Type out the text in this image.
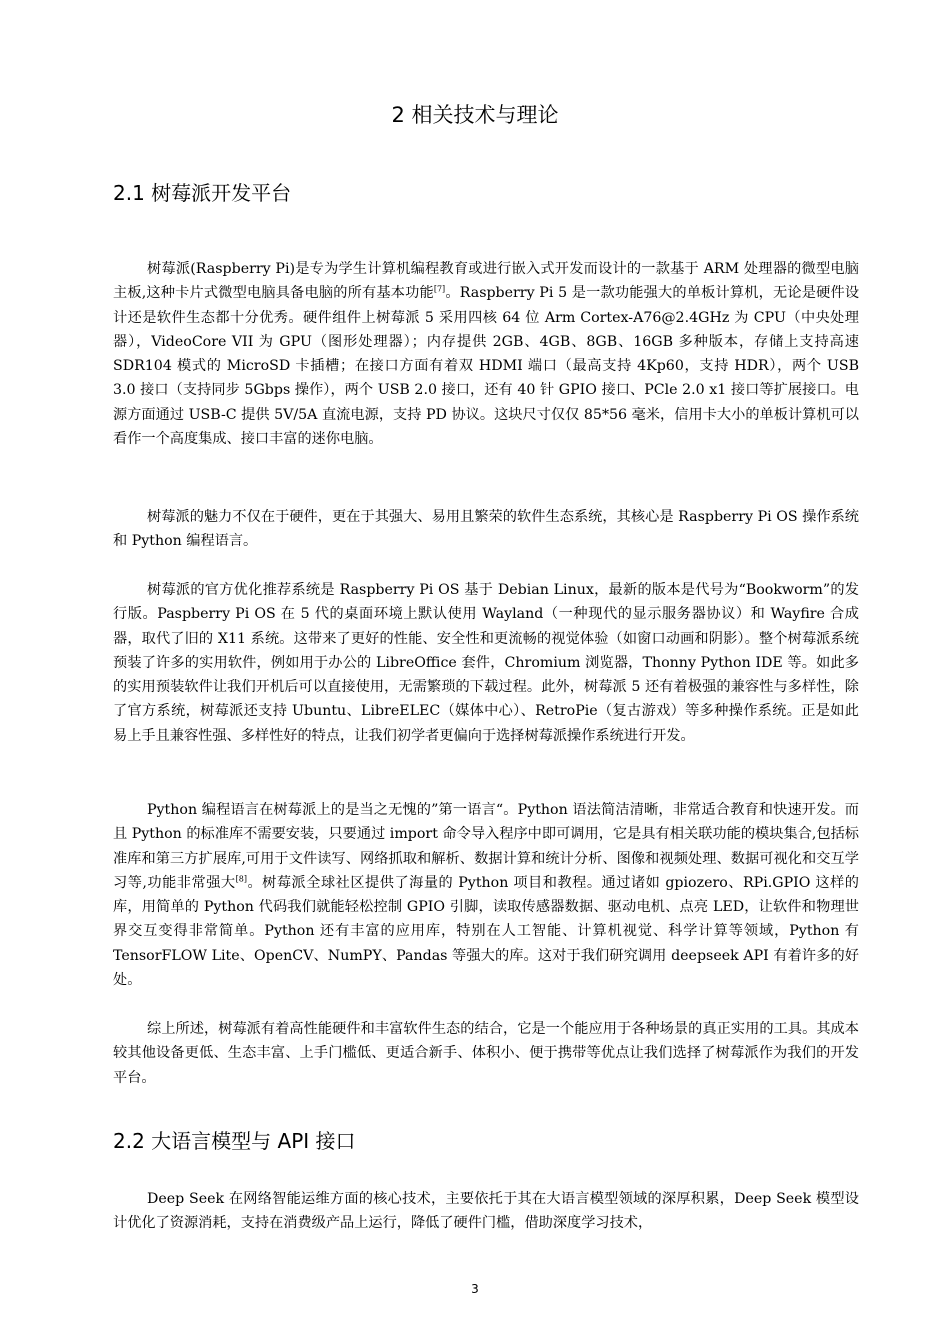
2 相关技术与理论
2.1 树莓派开发平台

树莓派(Raspberry Pi)是专为学生计算机编程教育或进行嵌入式开发而设计的一款基于 ARM 处理器的微型电脑主板,这种卡片式微型电脑具备电脑的所有基本功能[7]。Raspberry Pi 5 是一款功能强大的单板计算机，无论是硬件设计还是软件生态都十分优秀。硬件组件上树莓派 5 采用四核 64 位 Arm Cortex-A76@2.4GHz 为 CPU（中央处理器），VideoCore VII 为 GPU（图形处理器）；内存提供 2GB、4GB、8GB、16GB 多种版本，存储上支持高速 SDR104 模式的 MicroSD 卡插槽；在接口方面有着双 HDMI 端口（最高支持 4Kp60，支持 HDR），两个 USB 3.0 接口（支持同步 5Gbps 操作），两个 USB 2.0 接口，还有 40 针 GPIO 接口、PCle 2.0 x1 接口等扩展接口。电源方面通过 USB-C 提供 5V/5A 直流电源，支持 PD 协议。这块尺寸仅仅 85*56 毫米，信用卡大小的单板计算机可以看作一个高度集成、接口丰富的迷你电脑。

树莓派的魅力不仅在于硬件，更在于其强大、易用且繁荣的软件生态系统，其核心是 Raspberry Pi OS 操作系统和 Python 编程语言。

树莓派的官方优化推荐系统是 Raspberry Pi OS 基于 Debian Linux，最新的版本是代号为“Bookworm”的发行版。Paspberry Pi OS 在 5 代的桌面环境上默认使用 Wayland（一种现代的显示服务器协议）和 Wayfire 合成器，取代了旧的 X11 系统。这带来了更好的性能、安全性和更流畅的视觉体验（如窗口动画和阴影）。整个树莓派系统预装了许多的实用软件，例如用于办公的 LibreOffice 套件，Chromium 浏览器，Thonny Python IDE 等。如此多的实用预装软件让我们开机后可以直接使用，无需繁琐的下载过程。此外，树莓派 5 还有着极强的兼容性与多样性，除了官方系统，树莓派还支持 Ubuntu、LibreELEC（媒体中心）、RetroPie（复古游戏）等多种操作系统。正是如此易上手且兼容性强、多样性好的特点，让我们初学者更偏向于选择树莓派操作系统进行开发。

Python 编程语言在树莓派上的是当之无愧的”第一语言“。Python 语法简洁清晰，非常适合教育和快速开发。而且 Python 的标准库不需要安装，只要通过 import 命令导入程序中即可调用，它是具有相关联功能的模块集合,包括标准库和第三方扩展库,可用于文件读写、网络抓取和解析、数据计算和统计分析、图像和视频处理、数据可视化和交互学习等,功能非常强大[8]。树莓派全球社区提供了海量的 Python 项目和教程。通过诸如 gpiozero、RPi.GPIO 这样的库，用简单的 Python 代码我们就能轻松控制 GPIO 引脚，读取传感器数据、驱动电机、点亮 LED，让软件和物理世界交互变得非常简单。Python 还有丰富的应用库，特别在人工智能、计算机视觉、科学计算等领域，Python 有 TensorFLOW Lite、OpenCV、NumPY、Pandas 等强大的库。这对于我们研究调用 deepseek API 有着许多的好处。

综上所述，树莓派有着高性能硬件和丰富软件生态的结合，它是一个能应用于各种场景的真正实用的工具。其成本较其他设备更低、生态丰富、上手门槛低、更适合新手、体积小、便于携带等优点让我们选择了树莓派作为我们的开发平台。

2.2 大语言模型与 API 接口

Deep Seek 在网络智能运维方面的核心技术，主要依托于其在大语言模型领域的深厚积累，Deep Seek 模型设计优化了资源消耗，支持在消费级产品上运行，降低了硬件门槛，借助深度学习技术，

3
